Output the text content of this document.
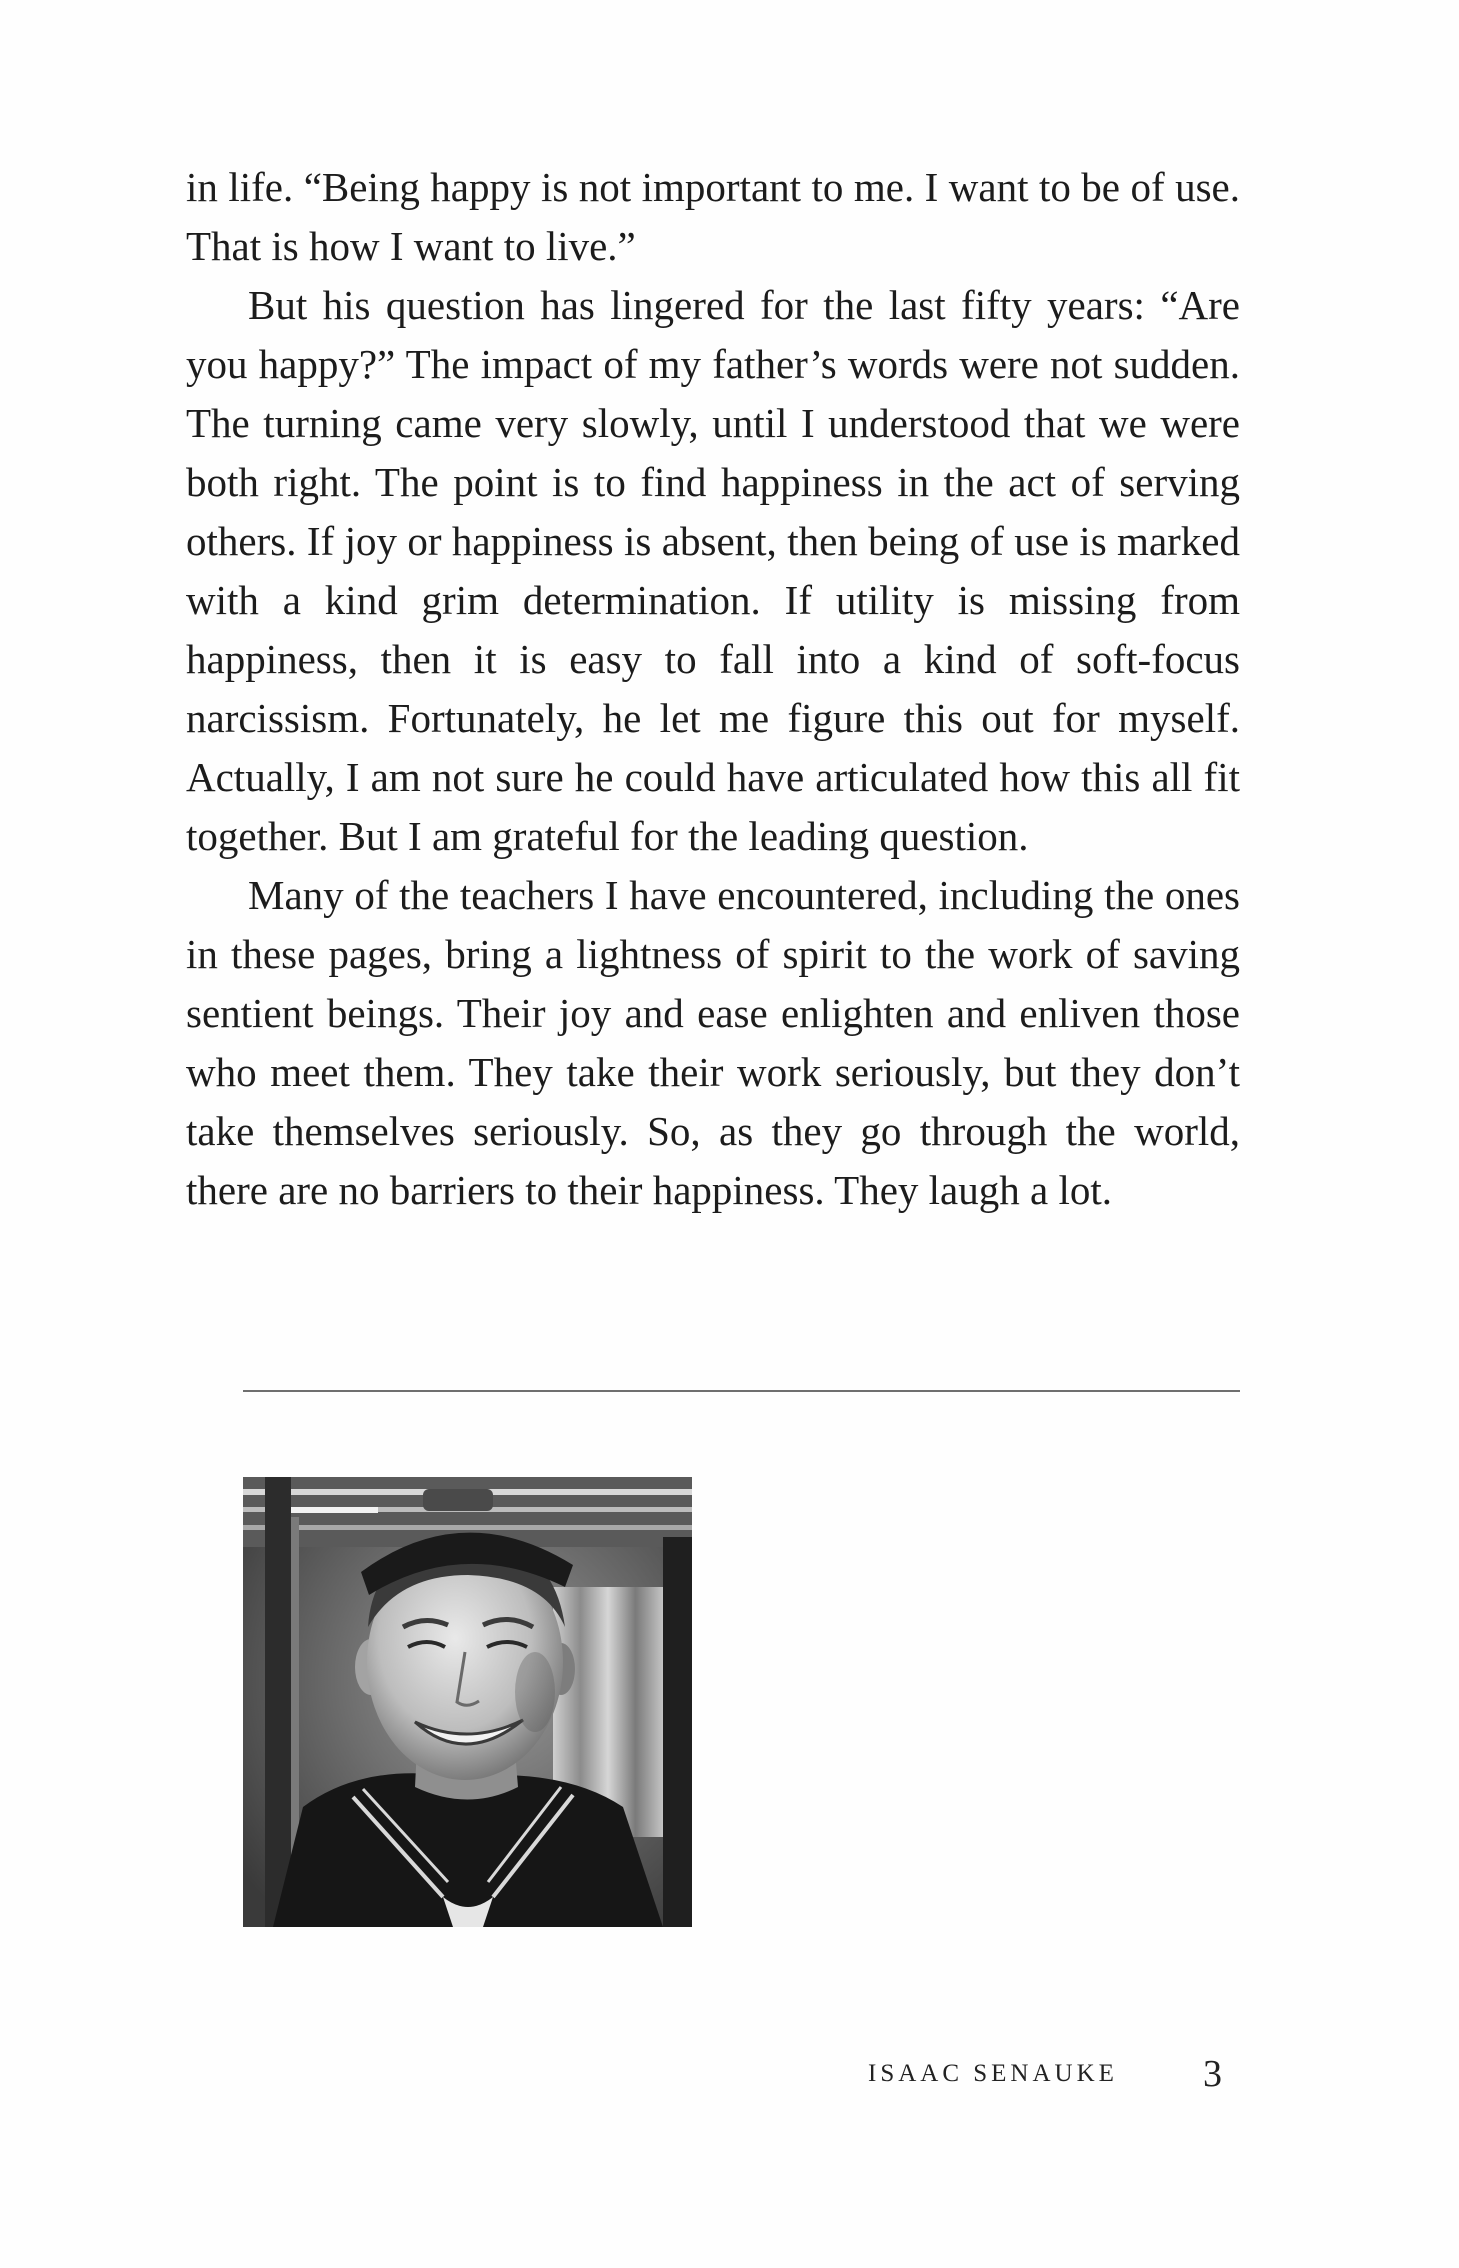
in life. “Being happy is not important to me. I want to be of use. That is how I want to live.”

But his question has lingered for the last fifty years: “Are you happy?” The impact of my father’s words were not sudden. The turning came very slowly, until I understood that we were both right. The point is to find happiness in the act of serving others. If joy or happiness is absent, then being of use is marked with a kind grim determination. If utility is missing from happiness, then it is easy to fall into a kind of soft-focus narcissism. Fortunately, he let me figure this out for myself. Actually, I am not sure he could have articulated how this all fit together. But I am grateful for the leading question.

Many of the teachers I have encountered, including the ones in these pages, bring a lightness of spirit to the work of saving sentient beings. Their joy and ease enlighten and enliven those who meet them. They take their work seriously, but they don’t take themselves seriously. So, as they go through the world, there are no barriers to their happiness. They laugh a lot.

ISAAC SENAUKE 3
